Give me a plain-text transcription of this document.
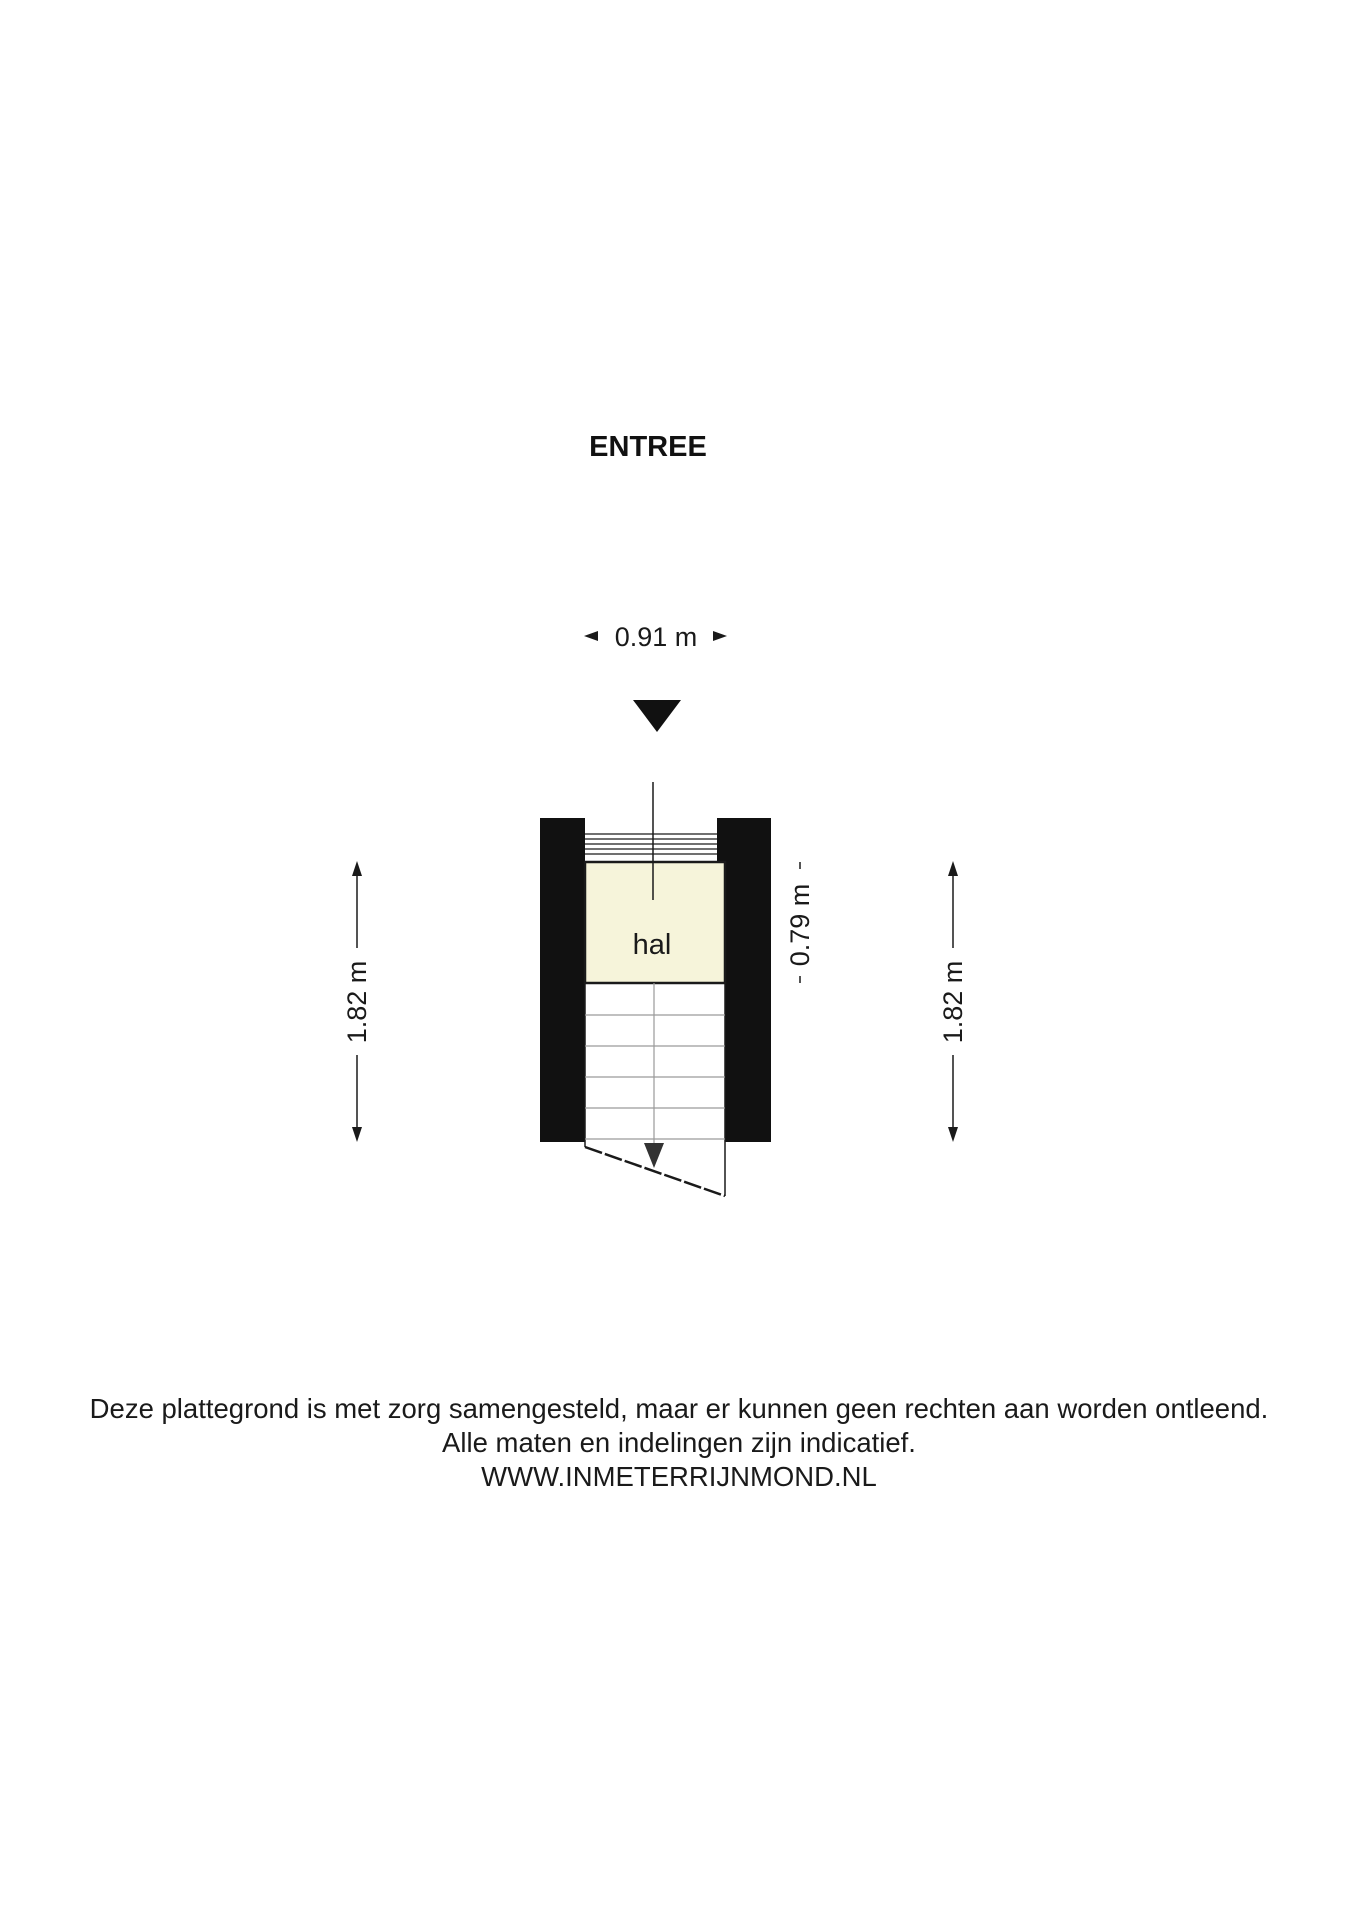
ENTREE
0.91 m
1.82 m	1.82 m
0.79 m
hal
Deze plattegrond is met zorg samengesteld, maar er kunnen geen rechten aan worden ontleend.
Alle maten en indelingen zijn indicatief.
WWW.INMETERRIJNMOND.NL
